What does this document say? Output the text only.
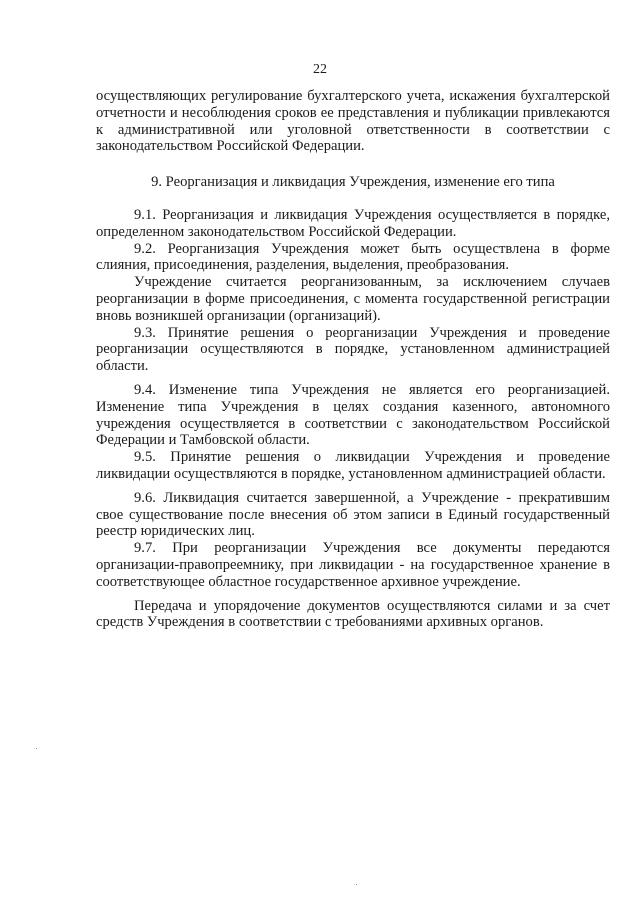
22

осуществляющих регулирование бухгалтерского учета, искажения бухгалтерской отчетности и несоблюдения сроков ее представления и публикации привлекаются к административной или уголовной ответственности в соответствии с законодательством Российской Федерации.

9. Реорганизация и ликвидация Учреждения, изменение его типа

9.1. Реорганизация и ликвидация Учреждения осуществляется в порядке, определенном законодательством Российской Федерации.

9.2. Реорганизация Учреждения может быть осуществлена в форме слияния, присоединения, разделения, выделения, преобразования.

Учреждение считается реорганизованным, за исключением случаев реорганизации в форме присоединения, с момента государственной регистрации вновь возникшей организации (организаций).

9.3. Принятие решения о реорганизации Учреждения и проведение реорганизации осуществляются в порядке, установленном администрацией области.

9.4. Изменение типа Учреждения не является его реорганизацией. Изменение типа Учреждения в целях создания казенного, автономного учреждения осуществляется в соответствии с законодательством Российской Федерации и Тамбовской области.

9.5. Принятие решения о ликвидации Учреждения и проведение ликвидации осуществляются в порядке, установленном администрацией области.

9.6. Ликвидация считается завершенной, а Учреждение - прекратившим свое существование после внесения об этом записи в Единый государственный реестр юридических лиц.

9.7. При реорганизации Учреждения все документы передаются организации-правопреемнику, при ликвидации - на государственное хранение в соответствующее областное государственное архивное учреждение.

Передача и упорядочение документов осуществляются силами и за счет средств Учреждения в соответствии с требованиями архивных органов.
